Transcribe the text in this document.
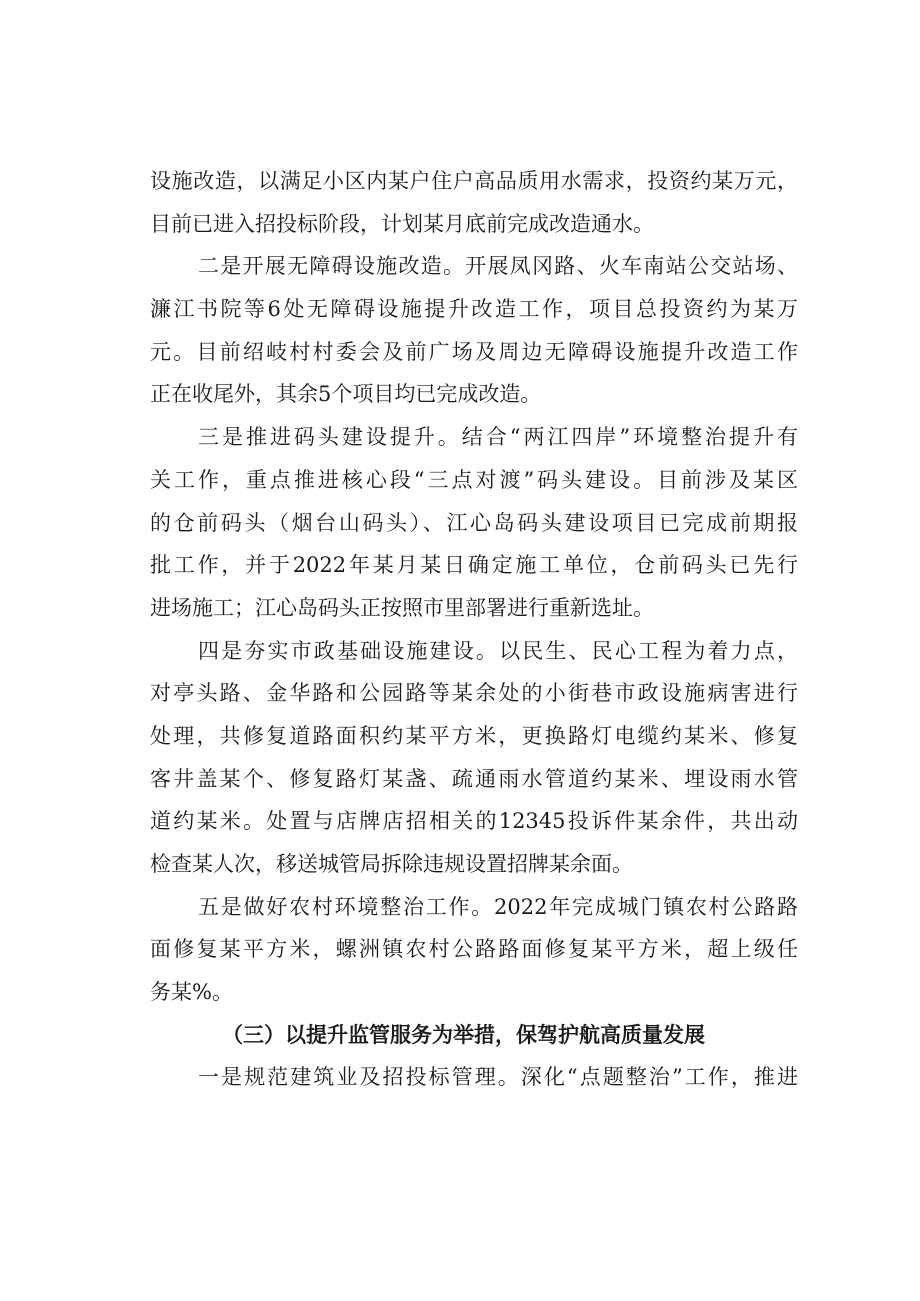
设施改造，以满足小区内某户住户高品质用水需求，投资约某万元，
目前已进入招投标阶段，计划某月底前完成改造通水。
二是开展无障碍设施改造。开展凤冈路、火车南站公交站场、
濂江书院等6处无障碍设施提升改造工作，项目总投资约为某万
元。目前绍岐村村委会及前广场及周边无障碍设施提升改造工作
正在收尾外，其余5个项目均已完成改造。
三是推进码头建设提升。结合“两江四岸”环境整治提升有
关工作，重点推进核心段“三点对渡”码头建设。目前涉及某区
的仓前码头（烟台山码头）、江心岛码头建设项目已完成前期报
批工作，并于2022年某月某日确定施工单位，仓前码头已先行
进场施工；江心岛码头正按照市里部署进行重新选址。
四是夯实市政基础设施建设。以民生、民心工程为着力点，
对亭头路、金华路和公园路等某余处的小街巷市政设施病害进行
处理，共修复道路面积约某平方米，更换路灯电缆约某米、修复
客井盖某个、修复路灯某盏、疏通雨水管道约某米、埋设雨水管
道约某米。处置与店牌店招相关的12345投诉件某余件，共出动
检查某人次，移送城管局拆除违规设置招牌某余面。
五是做好农村环境整治工作。2022年完成城门镇农村公路路
面修复某平方米，螺洲镇农村公路路面修复某平方米，超上级任
务某%。
（三）以提升监管服务为举措，保驾护航高质量发展
一是规范建筑业及招投标管理。深化“点题整治”工作，推进
